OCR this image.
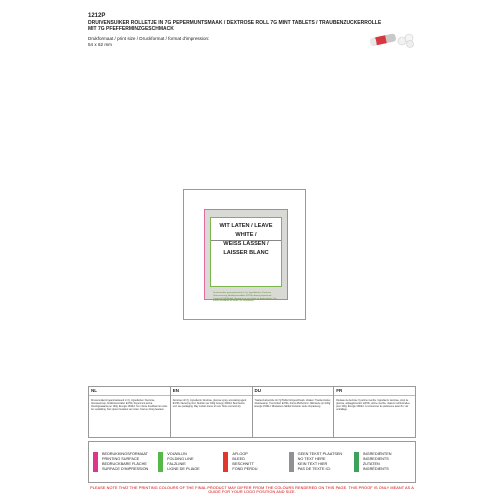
1212P
DRUIVENSUIKER ROLLETJE IN 7G PEPERMUNTSMAAK / DEXTROSE ROLL 7G MINT TABLETS / TRAUBENZUCKERROLLE MIT 7G PFEFFERMINZGESCHMACK
Drukformaat / print size / Druckformat / format d'impression:
54 x 62 mm
WIT LATEN / LEAVE WHITE /
WEISS LASSEN / LAISSER BLANC
Druivensuiker gearomatiseerd in 7g. Ingrediënten: Dextrose, Glucosestroop, Antiklontermiddel: E470b, Aroma pepermunt. Trapchim ISM België. Bewaren op een koele en droge plaats. Ten minste houdbaar tot einde: zie verpakking.
NL
Druivensuikerrol gearomatiseerd in 7g. Ingrediënten: Dextrose, Glucosestroop, Antiklontermiddel: E470b, Pepermunt aroma. Voedingswaarde per 100g: Energie 1540kJ. Ten minste houdbaar tot einde: zie verpakking. Kan sporen bevatten van noten. Koel en droog bewaren.
EN
Dextrose roll 7g. Ingredients: Dextrose, glucose syrup, anti-caking agent: E470b, flavouring mint. Nutrition per 100g: Energy 1540kJ. Best before end: see packaging. May contain traces of nuts. Store cool and dry.
DU
Traubenzuckerrolle mit 7g Pfefferminzgeschmack. Zutaten: Traubenzucker, Glukosesirup, Trennmittel: E470b, Aroma Pfefferminz. Nährwerte pro 100g: Energie 1540kJ. Mindestens haltbar bis Ende: siehe Verpackung.
FR
Rouleau de dextrose 7g arôme menthe. Ingrédients: dextrose, sirop de glucose, antiagglomérant: E470b, arôme menthe. Valeurs nutritionnelles pour 100g: Énergie 1540kJ. À consommer de préférence avant fin: voir emballage.
BEDRUKKINGSFORMAAT
PRINTING SURFACE
BEDRUCKBARE FLÄCHE
SURFACE D'IMPRESSION
VOUWLIJN
FOLDING LINE
FALZLINIE
LIGNE DE PLIAGE
AFLOOP
BLEED
BESCHNITT
FOND PERDU
GEEN TEKST PLAATSEN
NO TEXT HERE
KEIN TEXT HIER
PAS DE TEXTE ICI
INGREDIËNTEN
INGREDIENTS
ZUTATEN
INGRÉDIENTS
PLEASE NOTE THAT THE PRINTING COLOURS OF THE FINAL PRODUCT MAY DIFFER FROM THE COLOURS RENDERED ON THIS PAGE. THIS PROOF IS ONLY MEANT AS A GUIDE FOR YOUR LOGO POSITION AND SIZE.
